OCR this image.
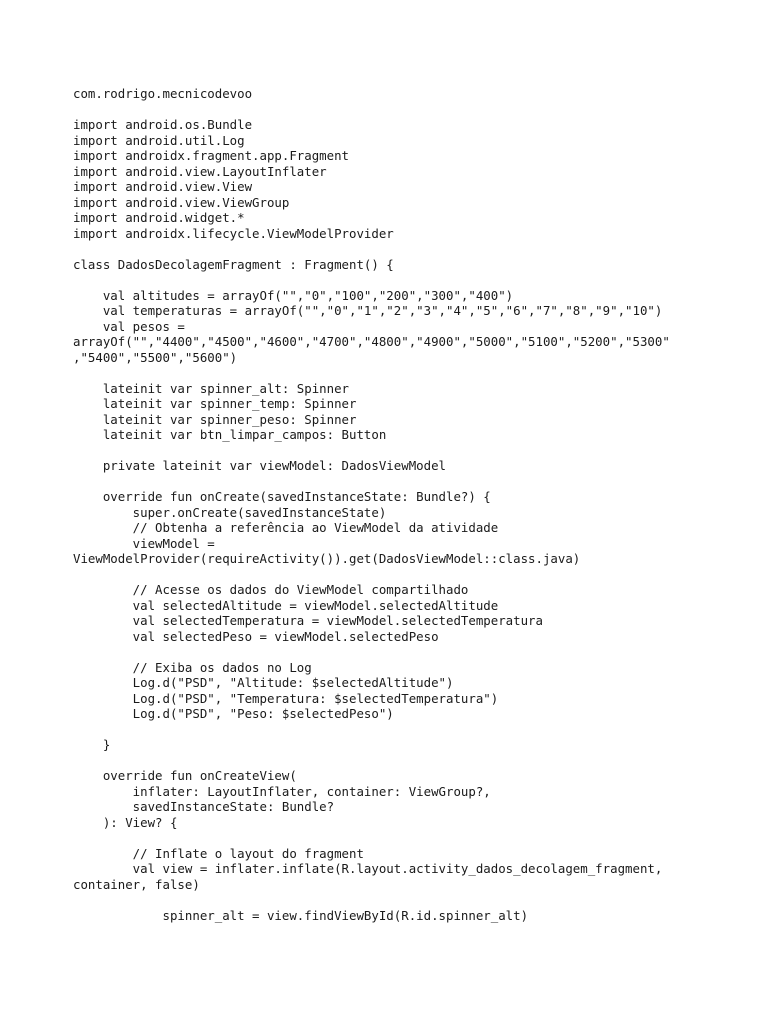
com.rodrigo.mecnicodevoo
import android.os.Bundle
import android.util.Log
import androidx.fragment.app.Fragment
import android.view.LayoutInflater
import android.view.View
import android.view.ViewGroup
import android.widget.*
import androidx.lifecycle.ViewModelProvider
class DadosDecolagemFragment : Fragment() {
val altitudes = arrayOf("","0","100","200","300","400")
val temperaturas = arrayOf("","0","1","2","3","4","5","6","7","8","9","10")
val pesos =
arrayOf("","4400","4500","4600","4700","4800","4900","5000","5100","5200","5300"
,"5400","5500","5600")
lateinit var spinner_alt: Spinner
lateinit var spinner_temp: Spinner
lateinit var spinner_peso: Spinner
lateinit var btn_limpar_campos: Button
private lateinit var viewModel: DadosViewModel
override fun onCreate(savedInstanceState: Bundle?) {
super.onCreate(savedInstanceState)
// Obtenha a referência ao ViewModel da atividade
viewModel =
ViewModelProvider(requireActivity()).get(DadosViewModel::class.java)
// Acesse os dados do ViewModel compartilhado
val selectedAltitude = viewModel.selectedAltitude
val selectedTemperatura = viewModel.selectedTemperatura
val selectedPeso = viewModel.selectedPeso
// Exiba os dados no Log
Log.d("PSD", "Altitude: $selectedAltitude")
Log.d("PSD", "Temperatura: $selectedTemperatura")
Log.d("PSD", "Peso: $selectedPeso")
}
override fun onCreateView(
inflater: LayoutInflater, container: ViewGroup?,
savedInstanceState: Bundle?
): View? {
// Inflate o layout do fragment
val view = inflater.inflate(R.layout.activity_dados_decolagem_fragment,
container, false)
spinner_alt = view.findViewById(R.id.spinner_alt)
